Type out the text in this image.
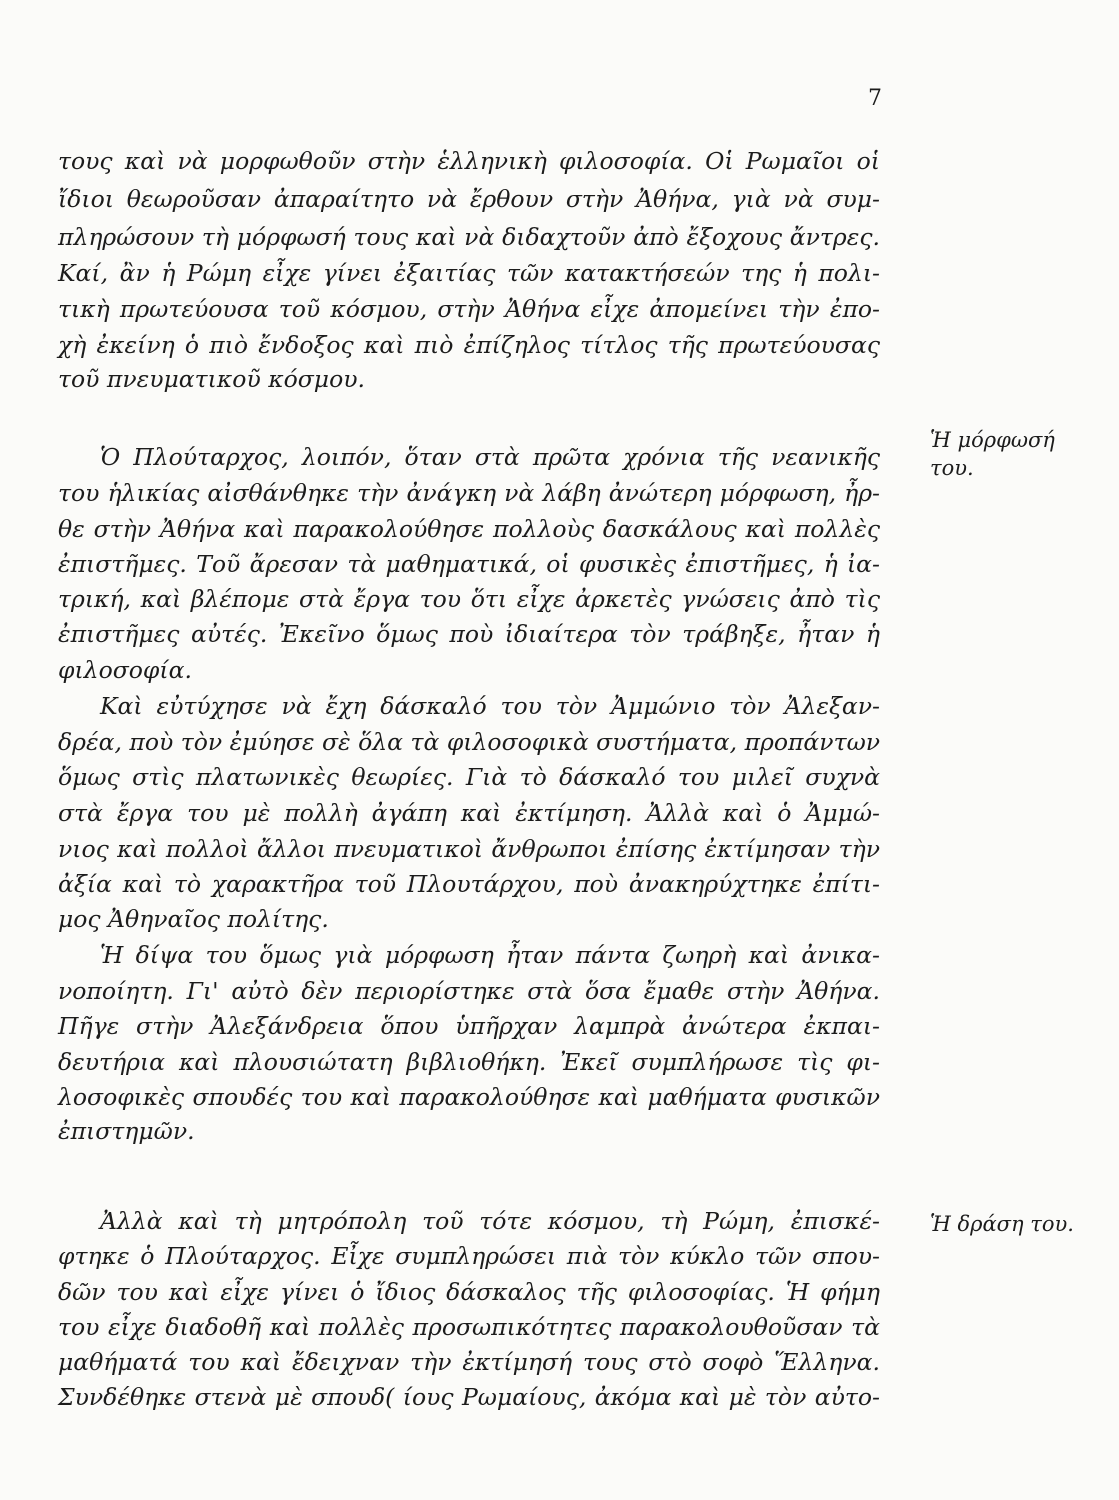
7
τους καὶ νὰ μορφωθοῦν στὴν ἑλληνικὴ φιλοσοφία. Οἱ Ρωμαῖοι οἱ
ἴδιοι θεωροῦσαν ἀπαραίτητο νὰ ἔρθουν στὴν Ἀθήνα, γιὰ νὰ συμ-
πληρώσουν τὴ μόρφωσή τους καὶ νὰ διδαχτοῦν ἀπὸ ἔξοχους ἄντρες.
Καί, ἂν ἡ Ρώμη εἶχε γίνει ἐξαιτίας τῶν κατακτήσεών της ἡ πολι-
τικὴ πρωτεύουσα τοῦ κόσμου, στὴν Ἀθήνα εἶχε ἀπομείνει τὴν ἐπο-
χὴ ἐκείνη ὁ πιὸ ἔνδοξος καὶ πιὸ ἐπίζηλος τίτλος τῆς πρωτεύουσας
τοῦ πνευματικοῦ κόσμου.
Ὁ Πλούταρχος, λοιπόν, ὅταν στὰ πρῶτα χρόνια τῆς νεανικῆς
του ἡλικίας αἰσθάνθηκε τὴν ἀνάγκη νὰ λάβη ἀνώτερη μόρφωση, ἦρ-
θε στὴν Ἀθήνα καὶ παρακολούθησε πολλοὺς δασκάλους καὶ πολλὲς
ἐπιστῆμες. Τοῦ ἄρεσαν τὰ μαθηματικά, οἱ φυσικὲς ἐπιστῆμες, ἡ ἰα-
τρική, καὶ βλέπομε στὰ ἔργα του ὅτι εἶχε ἀρκετὲς γνώσεις ἀπὸ τὶς
ἐπιστῆμες αὐτές. Ἐκεῖνο ὅμως ποὺ ἰδιαίτερα τὸν τράβηξε, ἦταν ἡ
φιλοσοφία.
Καὶ εὐτύχησε νὰ ἔχη δάσκαλό του τὸν Ἀμμώνιο τὸν Ἀλεξαν-
δρέα, ποὺ τὸν ἐμύησε σὲ ὅλα τὰ φιλοσοφικὰ συστήματα, προπάντων
ὅμως στὶς πλατωνικὲς θεωρίες. Γιὰ τὸ δάσκαλό του μιλεῖ συχνὰ
στὰ ἔργα του μὲ πολλὴ ἀγάπη καὶ ἐκτίμηση. Ἀλλὰ καὶ ὁ Ἀμμώ-
νιος καὶ πολλοὶ ἄλλοι πνευματικοὶ ἄνθρωποι ἐπίσης ἐκτίμησαν τὴν
ἀξία καὶ τὸ χαρακτῆρα τοῦ Πλουτάρχου, ποὺ ἀνακηρύχτηκε ἐπίτι-
μος Ἀθηναῖος πολίτης.
Ἡ δίψα του ὅμως γιὰ μόρφωση ἦταν πάντα ζωηρὴ καὶ ἀνικα-
νοποίητη. Γι' αὐτὸ δὲν περιορίστηκε στὰ ὅσα ἔμαθε στὴν Ἀθήνα.
Πῆγε στὴν Ἀλεξάνδρεια ὅπου ὑπῆρχαν λαμπρὰ ἀνώτερα ἐκπαι-
δευτήρια καὶ πλουσιώτατη βιβλιοθήκη. Ἐκεῖ συμπλήρωσε τὶς φι-
λοσοφικὲς σπουδές του καὶ παρακολούθησε καὶ μαθήματα φυσικῶν
ἐπιστημῶν.
Ἀλλὰ καὶ τὴ μητρόπολη τοῦ τότε κόσμου, τὴ Ρώμη, ἐπισκέ-
φτηκε ὁ Πλούταρχος. Εἶχε συμπληρώσει πιὰ τὸν κύκλο τῶν σπου-
δῶν του καὶ εἶχε γίνει ὁ ἴδιος δάσκαλος τῆς φιλοσοφίας. Ἡ φήμη
του εἶχε διαδοθῆ καὶ πολλὲς προσωπικότητες παρακολουθοῦσαν τὰ
μαθήματά του καὶ ἔδειχναν τὴν ἐκτίμησή τους στὸ σοφὸ Ἕλληνα.
Συνδέθηκε στενὰ μὲ σπουδ( ίους Ρωμαίους, ἀκόμα καὶ μὲ τὸν αὐτο-
Ἡ μόρφωσή
του.
Ἡ δράση του.
